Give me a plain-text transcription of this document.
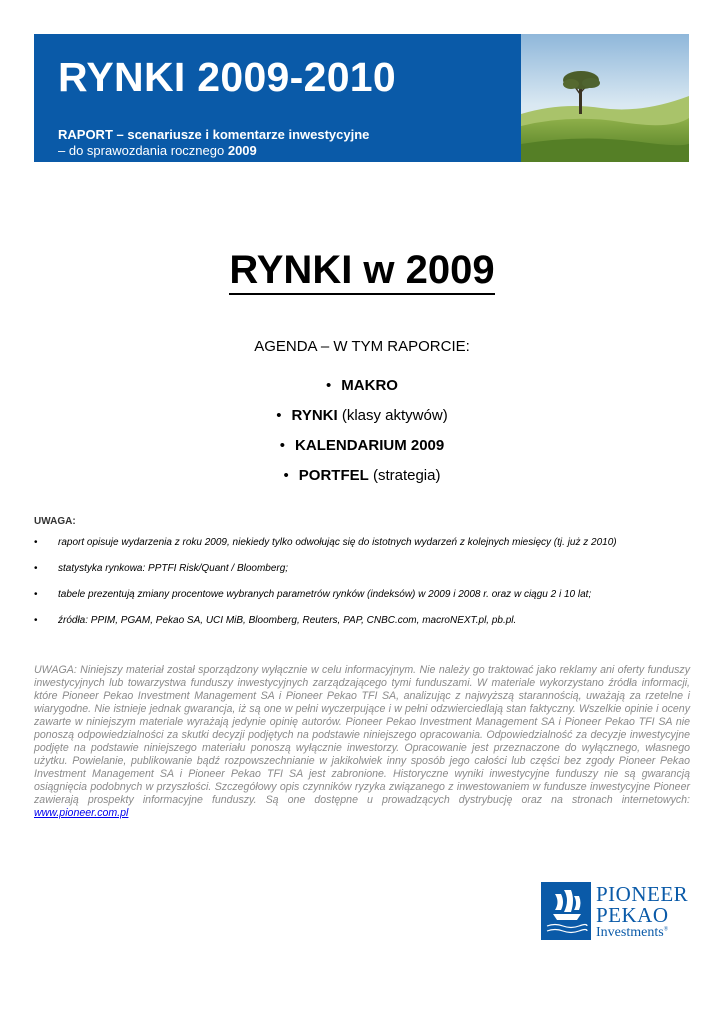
RYNKI 2009-2010
RAPORT – scenariusze i komentarze inwestycyjne
– do sprawozdania rocznego 2009
RYNKI w 2009
AGENDA – W TYM RAPORCIE:
• MAKRO
• RYNKI (klasy aktywów)
• KALENDARIUM 2009
• PORTFEL (strategia)
UWAGA:
• raport opisuje wydarzenia z roku 2009, niekiedy tylko odwołując się do istotnych wydarzeń z kolejnych miesięcy (tj. już z 2010)
• statystyka rynkowa: PPTFI Risk/Quant / Bloomberg;
• tabele prezentują zmiany procentowe wybranych parametrów rynków (indeksów) w 2009 i 2008 r. oraz w ciągu 2 i 10 lat;
• źródła: PPIM, PGAM, Pekao SA, UCI MiB, Bloomberg, Reuters, PAP, CNBC.com, macroNEXT.pl, pb.pl.
UWAGA: Niniejszy materiał został sporządzony wyłącznie w celu informacyjnym. Nie należy go traktować jako reklamy ani oferty funduszy inwestycyjnych lub towarzystwa funduszy inwestycyjnych zarządzającego tymi funduszami. W materiale wykorzystano źródła informacji, które Pioneer Pekao Investment Management SA i Pioneer Pekao TFI SA, analizując z najwyższą starannością, uważają za rzetelne i wiarygodne. Nie istnieje jednak gwarancja, iż są one w pełni wyczerpujące i w pełni odzwierciedlają stan faktyczny. Wszelkie opinie i oceny zawarte w niniejszym materiale wyrażają jedynie opinię autorów. Pioneer Pekao Investment Management SA i Pioneer Pekao TFI SA nie ponoszą odpowiedzialności za skutki decyzji podjętych na podstawie niniejszego opracowania. Odpowiedzialność za decyzje inwestycyjne podjęte na podstawie niniejszego materiału ponoszą wyłącznie inwestorzy. Opracowanie jest przeznaczone do wyłącznego, własnego użytku. Powielanie, publikowanie bądź rozpowszechnianie w jakikolwiek inny sposób jego całości lub części bez zgody Pioneer Pekao Investment Management SA i Pioneer Pekao TFI SA jest zabronione. Historyczne wyniki inwestycyjne funduszy nie są gwarancją osiągnięcia podobnych w przyszłości. Szczegółowy opis czynników ryzyka związanego z inwestowaniem w fundusze inwestycyjne Pioneer zawierają prospekty informacyjne funduszy. Są one dostępne u prowadzących dystrybucję oraz na stronach internetowych: www.pioneer.com.pl
PIONEER
PEKAO
Investments®
